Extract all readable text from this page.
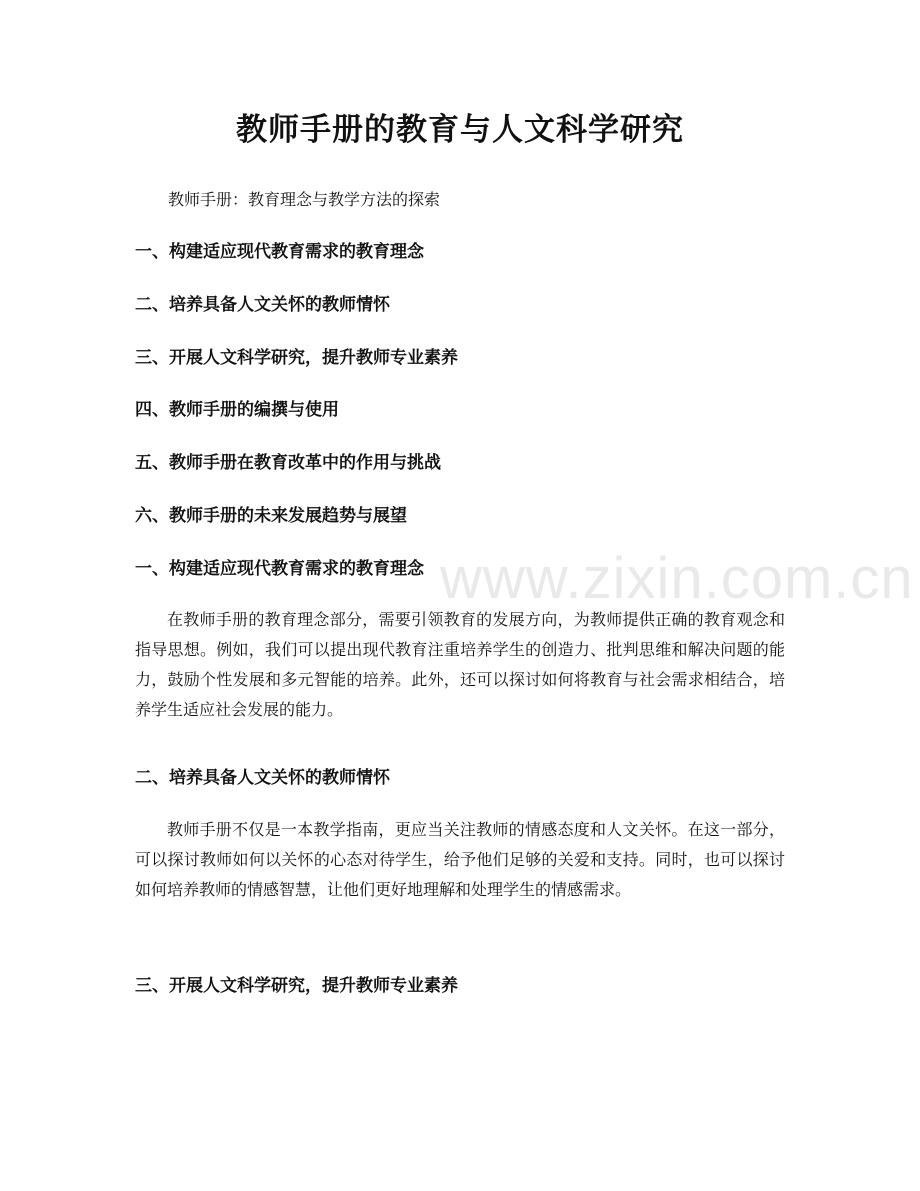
www.zixin.com.cn
教师手册的教育与人文科学研究

教师手册：教育理念与教学方法的探索

一、构建适应现代教育需求的教育理念

二、培养具备人文关怀的教师情怀

三、开展人文科学研究，提升教师专业素养

四、教师手册的编撰与使用

五、教师手册在教育改革中的作用与挑战

六、教师手册的未来发展趋势与展望

一、构建适应现代教育需求的教育理念

在教师手册的教育理念部分，需要引领教育的发展方向，为教师提供正确的教育观念和指导思想。例如，我们可以提出现代教育注重培养学生的创造力、批判思维和解决问题的能力，鼓励个性发展和多元智能的培养。此外，还可以探讨如何将教育与社会需求相结合，培养学生适应社会发展的能力。

二、培养具备人文关怀的教师情怀

教师手册不仅是一本教学指南，更应当关注教师的情感态度和人文关怀。在这一部分，可以探讨教师如何以关怀的心态对待学生，给予他们足够的关爱和支持。同时，也可以探讨如何培养教师的情感智慧，让他们更好地理解和处理学生的情感需求。

三、开展人文科学研究，提升教师专业素养
